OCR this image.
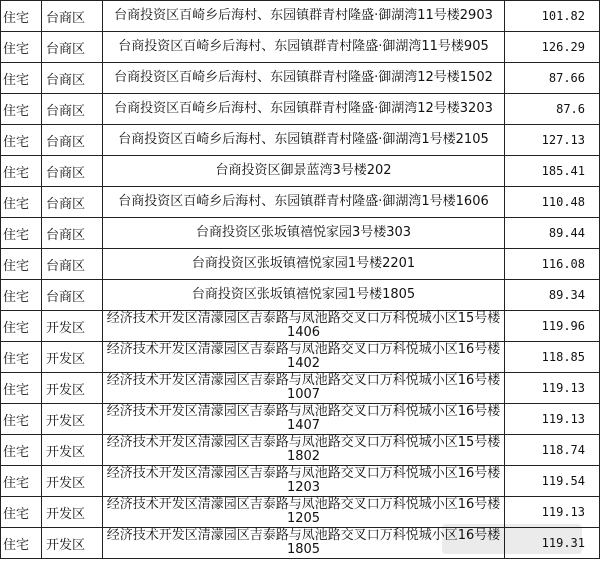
住宅	台商区	台商投资区百崎乡后海村、东园镇群青村隆盛·御湖湾11号楼2903	101.82
住宅	台商区	台商投资区百崎乡后海村、东园镇群青村隆盛·御湖湾11号楼905	126.29
住宅	台商区	台商投资区百崎乡后海村、东园镇群青村隆盛·御湖湾12号楼1502	87.66
住宅	台商区	台商投资区百崎乡后海村、东园镇群青村隆盛·御湖湾12号楼3203	87.6
住宅	台商区	台商投资区百崎乡后海村、东园镇群青村隆盛·御湖湾1号楼2105	127.13
住宅	台商区	台商投资区御景蓝湾3号楼202	185.41
住宅	台商区	台商投资区百崎乡后海村、东园镇群青村隆盛·御湖湾1号楼1606	110.48
住宅	台商区	台商投资区张坂镇禧悦家园3号楼303	89.44
住宅	台商区	台商投资区张坂镇禧悦家园1号楼2201	116.08
住宅	台商区	台商投资区张坂镇禧悦家园1号楼1805	89.34
住宅	开发区	经济技术开发区清濛园区吉泰路与凤池路交叉口万科悦城小区15号楼1406	119.96
住宅	开发区	经济技术开发区清濛园区吉泰路与凤池路交叉口万科悦城小区16号楼1402	118.85
住宅	开发区	经济技术开发区清濛园区吉泰路与凤池路交叉口万科悦城小区16号楼1007	119.13
住宅	开发区	经济技术开发区清濛园区吉泰路与凤池路交叉口万科悦城小区16号楼1407	119.13
住宅	开发区	经济技术开发区清濛园区吉泰路与凤池路交叉口万科悦城小区15号楼1802	118.74
住宅	开发区	经济技术开发区清濛园区吉泰路与凤池路交叉口万科悦城小区16号楼1203	119.54
住宅	开发区	经济技术开发区清濛园区吉泰路与凤池路交叉口万科悦城小区16号楼1205	119.13
住宅	开发区	经济技术开发区清濛园区吉泰路与凤池路交叉口万科悦城小区16号楼1805	119.31
